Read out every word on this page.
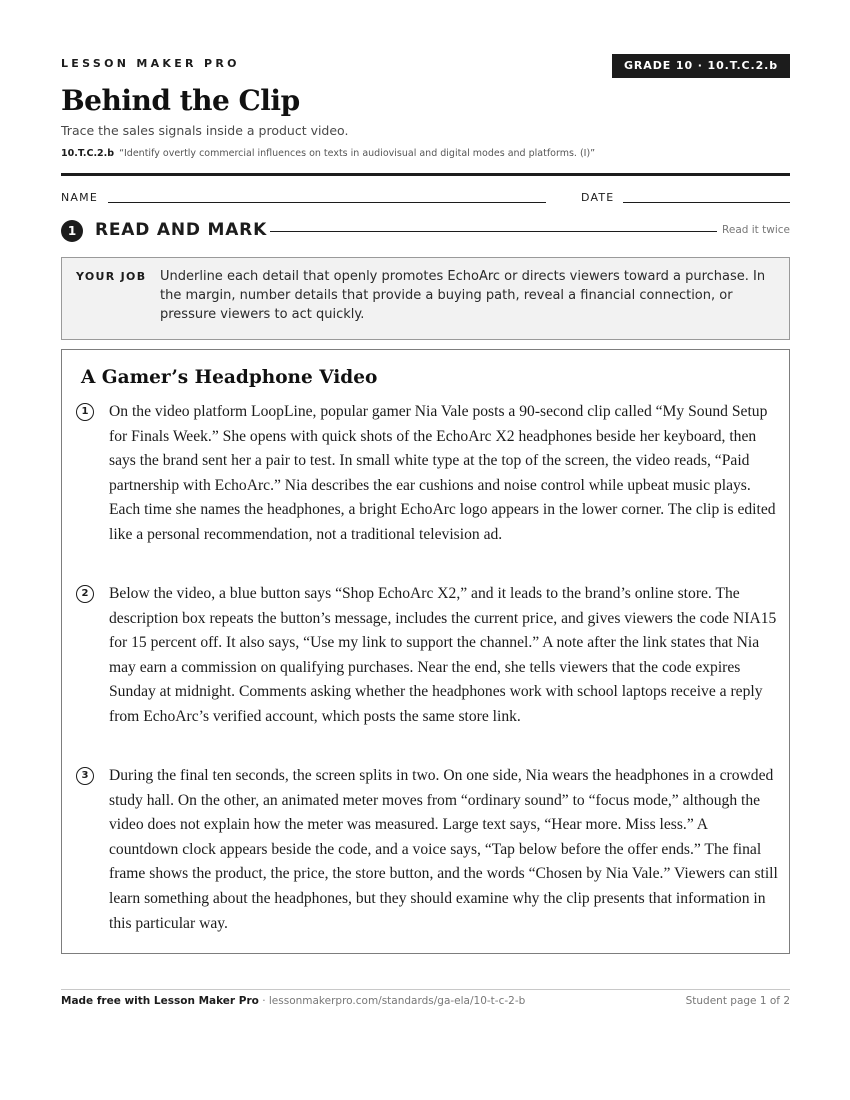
LESSON MAKER PRO	GRADE 10 · 10.T.C.2.b
Behind the Clip
Trace the sales signals inside a product video.
10.T.C.2.b “Identify overtly commercial influences on texts in audiovisual and digital modes and platforms. (I)”
NAME	DATE
1	READ AND MARK	Read it twice
YOUR JOB Underline each detail that openly promotes EchoArc or directs viewers toward a purchase. In the margin, number details that provide a buying path, reveal a financial connection, or pressure viewers to act quickly.
A Gamer’s Headphone Video
1	On the video platform LoopLine, popular gamer Nia Vale posts a 90-second clip called “My Sound Setup for Finals Week.” She opens with quick shots of the EchoArc X2 headphones beside her keyboard, then says the brand sent her a pair to test. In small white type at the top of the screen, the video reads, “Paid partnership with EchoArc.” Nia describes the ear cushions and noise control while upbeat music plays. Each time she names the headphones, a bright EchoArc logo appears in the lower corner. The clip is edited like a personal recommendation, not a traditional television ad.
2	Below the video, a blue button says “Shop EchoArc X2,” and it leads to the brand’s online store. The description box repeats the button’s message, includes the current price, and gives viewers the code NIA15 for 15 percent off. It also says, “Use my link to support the channel.” A note after the link states that Nia may earn a commission on qualifying purchases. Near the end, she tells viewers that the code expires Sunday at midnight. Comments asking whether the headphones work with school laptops receive a reply from EchoArc’s verified account, which posts the same store link.
3	During the final ten seconds, the screen splits in two. On one side, Nia wears the headphones in a crowded study hall. On the other, an animated meter moves from “ordinary sound” to “focus mode,” although the video does not explain how the meter was measured. Large text says, “Hear more. Miss less.” A countdown clock appears beside the code, and a voice says, “Tap below before the offer ends.” The final frame shows the product, the price, the store button, and the words “Chosen by Nia Vale.” Viewers can still learn something about the headphones, but they should examine why the clip presents that information in this particular way.
Made free with Lesson Maker Pro · lessonmakerpro.com/standards/ga-ela/10-t-c-2-b	Student page 1 of 2
